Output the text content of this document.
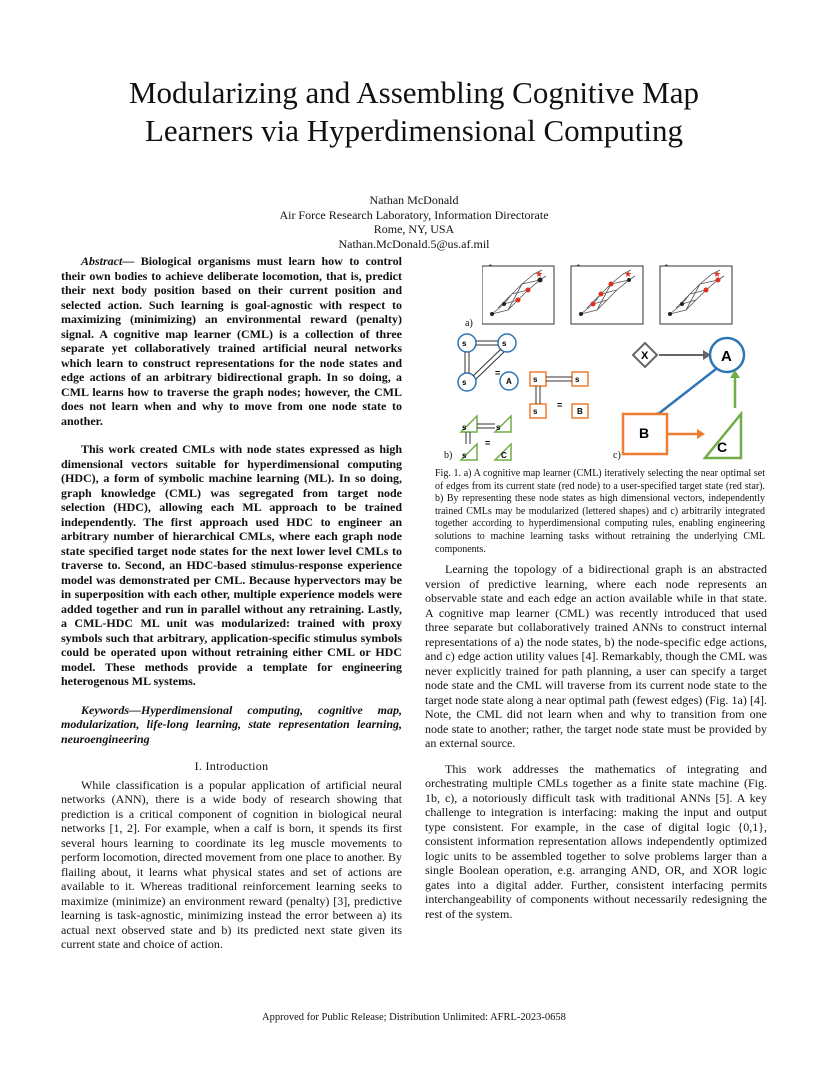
Modularizing and Assembling Cognitive Map
Learners via Hyperdimensional Computing
Nathan McDonald
Air Force Research Laboratory, Information Directorate
Rome, NY, USA
Nathan.McDonald.5@us.af.mil

Abstract— Biological organisms must learn how to control their own bodies to achieve deliberate locomotion, that is, predict their next body position based on their current position and selected action. Such learning is goal-agnostic with respect to maximizing (minimizing) an environmental reward (penalty) signal. A cognitive map learner (CML) is a collection of three separate yet collaboratively trained artificial neural networks which learn to construct representations for the node states and edge actions of an arbitrary bidirectional graph. In so doing, a CML learns how to traverse the graph nodes; however, the CML does not learn when and why to move from one node state to another.

This work created CMLs with node states expressed as high dimensional vectors suitable for hyperdimensional computing (HDC), a form of symbolic machine learning (ML). In so doing, graph knowledge (CML) was segregated from target node selection (HDC), allowing each ML approach to be trained independently. The first approach used HDC to engineer an arbitrary number of hierarchical CMLs, where each graph node state specified target node states for the next lower level CMLs to traverse to. Second, an HDC-based stimulus-response experience model was demonstrated per CML. Because hypervectors may be in superposition with each other, multiple experience models were added together and run in parallel without any retraining. Lastly, a CML-HDC ML unit was modularized: trained with proxy symbols such that arbitrary, application-specific stimulus symbols could be operated upon without retraining either CML or HDC model. These methods provide a template for engineering heterogenous ML systems.

Keywords—Hyperdimensional computing, cognitive map, modularization, life-long learning, state representation learning, neuroengineering

I. Introduction

While classification is a popular application of artificial neural networks (ANN), there is a wide body of research showing that prediction is a critical component of cognition in biological neural networks [1, 2]. For example, when a calf is born, it spends its first several hours learning to coordinate its leg muscle movements to perform locomotion, directed movement from one place to another. By flailing about, it learns what physical states and set of actions are available to it. Whereas traditional reinforcement learning seeks to maximize (minimize) an environment reward (penalty) [3], predictive learning is task-agnostic, minimizing instead the error between a) its actual next observed state and b) its predicted next state given its current state and choice of action.

★	★	★
a)
b)	c)
s	s
s
=
A	s	s
s
=
B
s	s
s
=
C
X	A
B
C
Fig. 1. a) A cognitive map learner (CML) iteratively selecting the near optimal set of edges from its current state (red node) to a user-specified target state (red star). b) By representing these node states as high dimensional vectors, independently trained CMLs may be modularized (lettered shapes) and c) arbitrarily integrated together according to hyperdimensional computing rules, enabling engineering solutions to machine learning tasks without retraining the underlying CML components.

Learning the topology of a bidirectional graph is an abstracted version of predictive learning, where each node represents an observable state and each edge an action available while in that state. A cognitive map learner (CML) was recently introduced that used three separate but collaboratively trained ANNs to construct internal representations of a) the node states, b) the node-specific edge actions, and c) edge action utility values [4]. Remarkably, though the CML was never explicitly trained for path planning, a user can specify a target node state and the CML will traverse from its current node state to the target node state along a near optimal path (fewest edges) (Fig. 1a) [4]. Note, the CML did not learn when and why to transition from one node state to another; rather, the target node state must be provided by an external source.

This work addresses the mathematics of integrating and orchestrating multiple CMLs together as a finite state machine (Fig. 1b, c), a notoriously difficult task with traditional ANNs [5]. A key challenge to integration is interfacing: making the input and output type consistent. For example, in the case of digital logic {0,1}, consistent information representation allows independently optimized logic units to be assembled together to solve problems larger than a single Boolean operation, e.g. arranging AND, OR, and XOR logic gates into a digital adder. Further, consistent interfacing permits interchangeability of components without necessarily redesigning the rest of the system.

Approved for Public Release; Distribution Unlimited: AFRL-2023-0658
